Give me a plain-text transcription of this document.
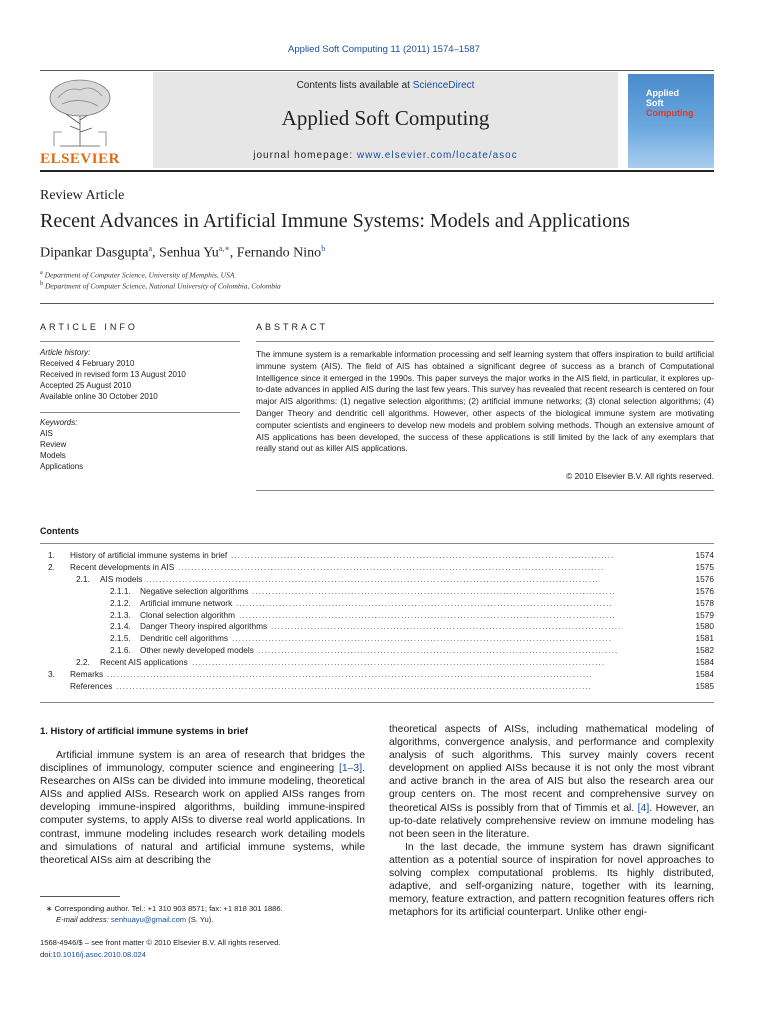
Applied Soft Computing 11 (2011) 1574–1587
ELSEVIER
Contents lists available at ScienceDirect
Applied Soft Computing
journal homepage: www.elsevier.com/locate/asoc
Applied
Soft
Computing
Review Article
Recent Advances in Artificial Immune Systems: Models and Applications
Dipankar Dasgupta$^a$, Senhua $Yu^{a,∗}$, Fernando Nino$^b$
$^a$ Department of Computer Science, University of Memphis, USA
$^b$ Department of Computer Science, National University of Colombia, Colombia
ARTICLE INFO
Article history:
Received 4 February 2010
Received in revised form 13 August 2010
Accepted 25 August 2010
Available online 30 October 2010
Keywords:
AIS
Review
Models
Applications
ABSTRACT
The immune system is a remarkable information processing and self learning system that offers inspiration to build artificial immune system (AIS). The field of AIS has obtained a significant degree of success as a branch of Computational Intelligence since it emerged in the 1990s. This paper surveys the major works in the AIS field, in particular, it explores up-to-date advances in applied AIS during the last few years. This survey has revealed that recent research is centered on four major AIS algorithms: (1) negative selection algorithms; (2) artificial immune networks; (3) clonal selection algorithms; (4) Danger Theory and dendritic cell algorithms. However, other aspects of the biological immune system are motivating computer scientists and engineers to develop new models and problem solving methods. Though an extensive amount of AIS applications has been developed, the success of these applications is still limited by the lack of any exemplars that really stand out as killer AIS applications.
© 2010 Elsevier B.V. All rights reserved.
Contents
1. History of artificial immune systems in brief ....................................................................................................................	1574
2. Recent developments in AIS .................................................................................................................................	1575
2.1. AIS models .........................................................................................................................................	1576
2.1.1. Negative selection algorithms ..............................................................................................................	1576
2.1.2. Artificial immune network ..................................................................................................................	1578
2.1.3. Clonal selection algorithm ..................................................................................................................	1579
2.1.4. Danger Theory inspired algorithms ..........................................................................................................	1580
2.1.5. Dendritic cell algorithms ...................................................................................................................	1581
2.1.6. Other newly developed models .............................................................................................................	1582
2.2. Recent AIS applications .............................................................................................................................	1584
3. Remarks ...................................................................................................................................................	1584
References ................................................................................................................................................	1585
1. History of artificial immune systems in brief

Artificial immune system is an area of research that bridges the disciplines of immunology, computer science and engineering [1–3]. Researches on AISs can be divided into immune modeling, theoretical AISs and applied AISs. Research work on applied AISs ranges from developing immune-inspired algorithms, building immune-inspired computer systems, to apply AISs to diverse real world applications. In contrast, immune modeling includes research work detailing models and simulations of natural and artificial immune systems, while theoretical AISs aim at describing the

theoretical aspects of AISs, including mathematical modeling of algorithms, convergence analysis, and performance and complexity analysis of such algorithms. This survey mainly covers recent development on applied AISs because it is not only the most vibrant and active branch in the area of AIS but also the research area our group centers on. The most recent and comprehensive survey on theoretical AISs is possibly from that of Timmis et al. [4]. However, an up-to-date relatively comprehensive review on immune modeling has not been seen in the literature.

In the last decade, the immune system has drawn significant attention as a potential source of inspiration for novel approaches to solving complex computational problems. Its highly distributed, adaptive, and self-organizing nature, together with its learning, memory, feature extraction, and pattern recognition features offers rich metaphors for its artificial counterpart. Unlike other engi-

∗ Corresponding author. Tel.: +1 310 903 8571; fax: +1 818 301 1886.
E-mail address: senhuayu@gmail.com (S. Yu).
1568-4946/$ – see front matter © 2010 Elsevier B.V. All rights reserved.
doi:10.1016/j.asoc.2010.08.024
